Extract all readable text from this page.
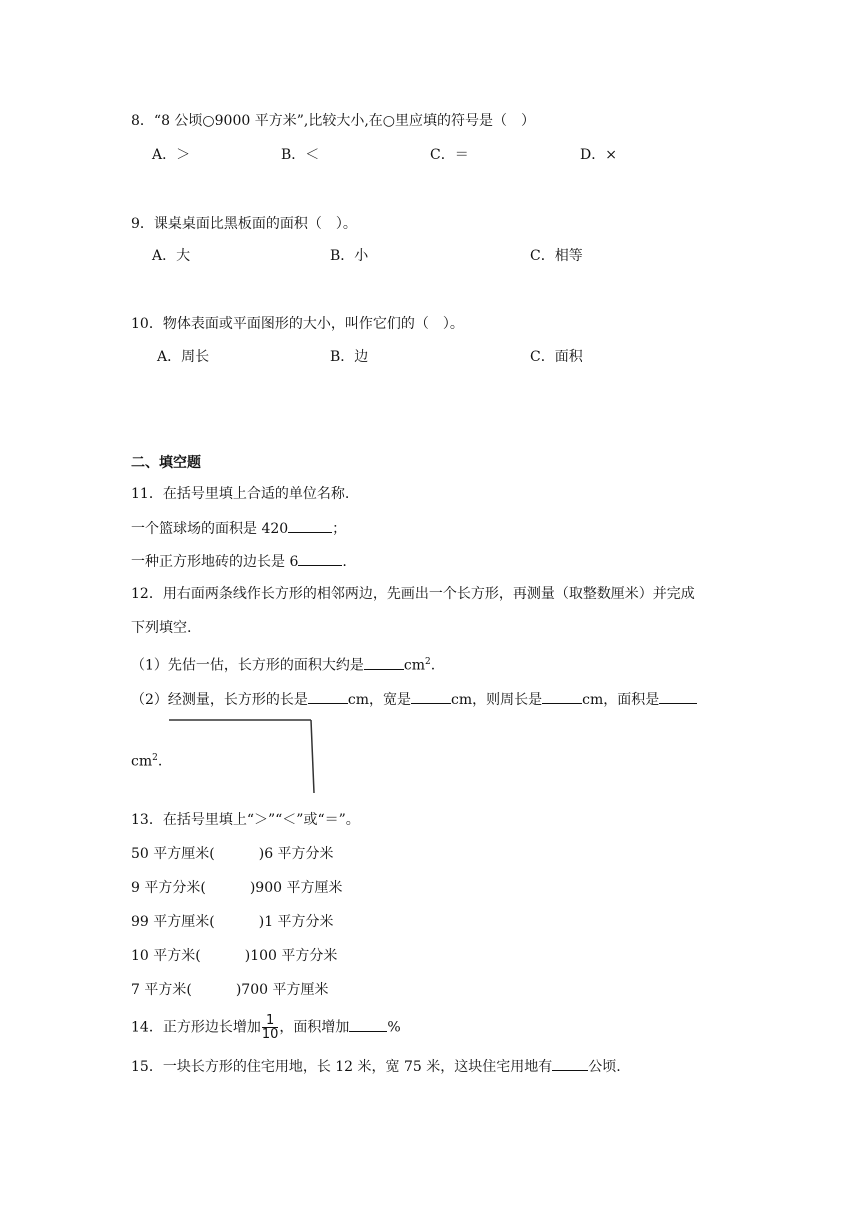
8．“8 公顷○9000 平方米”,比较大小,在○里应填的符号是（　）
A．＞	B．＜	C．＝	D．×
9．课桌桌面比黑板面的面积（　）。
A．大	B．小	C．相等
10．物体表面或平面图形的大小，叫作它们的（　）。
A．周长	B．边	C．面积
二、填空题
11．在括号里填上合适的单位名称.
一个篮球场的面积是 420	；
一种正方形地砖的边长是 6	.
12．用右面两条线作长方形的相邻两边，先画出一个长方形，再测量（取整数厘米）并完成
下列填空.
（1）先估一估，长方形的面积大约是	$cm^2$.
（2）经测量，长方形的长是	cm，宽是	cm，则周长是	cm，面积是
$cm^2$.
13．在括号里填上“＞”“＜”或“＝”。
50 平方厘米(	)6 平方分米
9 平方分米(	)900 平方厘米
99 平方厘米(	)1 平方分米
10 平方米(	)100 平方分米
7 平方米(	)700 平方厘米
14．正方形边长增加 $\frac{1}{10}$ ，面积增加	%
15．一块长方形的住宅用地，长 12 米，宽 75 米，这块住宅用地有	公顷.
